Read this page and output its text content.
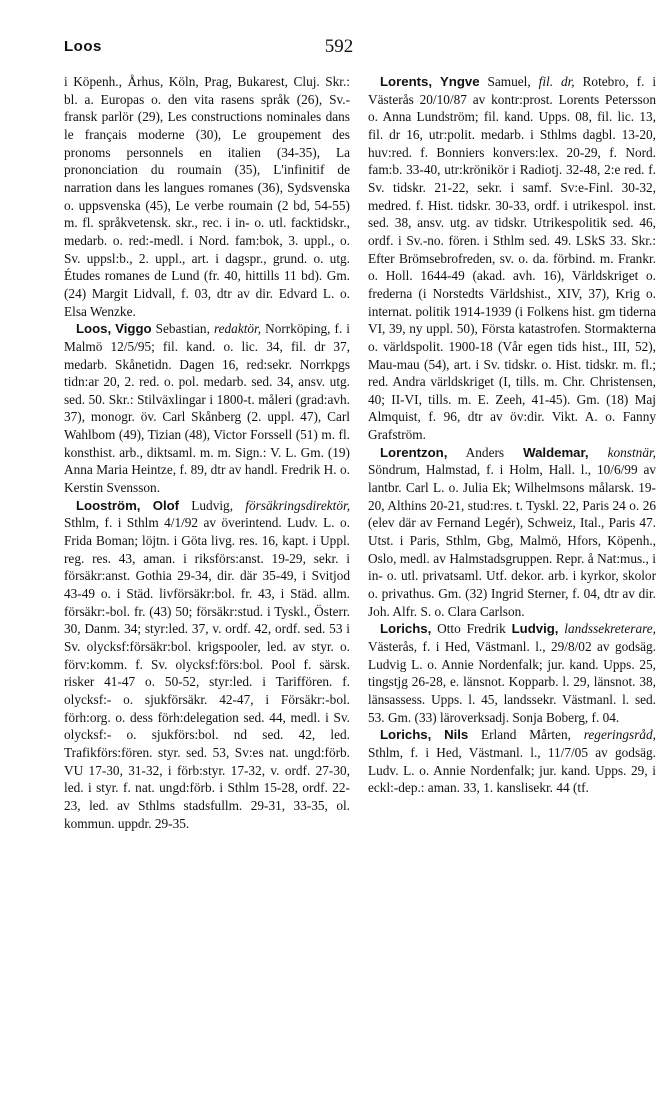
Loos	592

i Köpenh., Århus, Köln, Prag, Bukarest, Cluj. Skr.: bl. a. Europas o. den vita rasens språk (26), Sv.-fransk parlör (29), Les constructions nominales dans le français moderne (30), Le groupement des pronoms personnels en italien (34-35), La prononciation du roumain (35), L'infinitif de narration dans les langues romanes (36), Sydsvenska o. uppsvenska (45), Le verbe roumain (2 bd, 54-55) m. fl. språkvetensk. skr., rec. i in- o. utl. facktidskr., medarb. o. red:-medl. i Nord. fam:bok, 3. uppl., o. Sv. uppsl:b., 2. uppl., art. i dagspr., grund. o. utg. Études romanes de Lund (fr. 40, hittills 11 bd). Gm. (24) Margit Lidvall, f. 03, dtr av dir. Edvard L. o. Elsa Wenzke.

Loos, Viggo Sebastian, redaktör, Norrköping, f. i Malmö 12/5/95; fil. kand. o. lic. 34, fil. dr 37, medarb. Skånetidn. Dagen 16, red:sekr. Norrkpgs tidn:ar 20, 2. red. o. pol. medarb. sed. 34, ansv. utg. sed. 50. Skr.: Stilväxlingar i 1800-t. måleri (grad:avh. 37), monogr. öv. Carl Skånberg (2. uppl. 47), Carl Wahlbom (49), Tizian (48), Victor Forssell (51) m. fl. konsthist. arb., diktsaml. m. m. Sign.: V. L. Gm. (19) Anna Maria Heintze, f. 89, dtr av handl. Fredrik H. o. Kerstin Svensson.

Looström, Olof Ludvig, försäkringsdirektör, Sthlm, f. i Sthlm 4/1/92 av överintend. Ludv. L. o. Frida Boman; löjtn. i Göta livg. res. 16, kapt. i Uppl. reg. res. 43, aman. i riksförs:anst. 19-29, sekr. i försäkr:anst. Gothia 29-34, dir. där 35-49, i Svitjod 43-49 o. i Städ. livförsäkr:bol. fr. 43, i Städ. allm. försäkr:-bol. fr. (43) 50; försäkr:stud. i Tyskl., Österr. 30, Danm. 34; styr:led. 37, v. ordf. 42, ordf. sed. 53 i Sv. olycksf:försäkr:bol. krigspooler, led. av styr. o. förv:komm. f. Sv. olycksf:förs:bol. Pool f. särsk. risker 41-47 o. 50-52, styr:led. i Tariffören. f. olycksf:- o. sjukförsäkr. 42-47, i Försäkr:-bol. förh:org. o. dess förh:delegation sed. 44, medl. i Sv. olycksf:- o. sjukförs:bol. nd sed. 42, led. Trafikförs:fören. styr. sed. 53, Sv:es nat. ungd:förb. VU 17-30, 31-32, i förb:styr. 17-32, v. ordf. 27-30, led. i styr. f. nat. ungd:förb. i Sthlm 15-28, ordf. 22-23, led. av Sthlms stadsfullm. 29-31, 33-35, ol. kommun. uppdr. 29-35.

Lorents, Yngve Samuel, fil. dr, Rotebro, f. i Västerås 20/10/87 av kontr:prost. Lorents Petersson o. Anna Lundström; fil. kand. Upps. 08, fil. lic. 13, fil. dr 16, utr:polit. medarb. i Sthlms dagbl. 13-20, huv:red. f. Bonniers konvers:lex. 20-29, f. Nord. fam:b. 33-40, utr:krönikör i Radiotj. 32-48, 2:e red. f. Sv. tidskr. 21-22, sekr. i samf. Sv:e-Finl. 30-32, medred. f. Hist. tidskr. 30-33, ordf. i utrikespol. inst. sed. 38, ansv. utg. av tidskr. Utrikespolitik sed. 46, ordf. i Sv.-no. fören. i Sthlm sed. 49. LSkS 33. Skr.: Efter Brömsebrofreden, sv. o. da. förbind. m. Frankr. o. Holl. 1644-49 (akad. avh. 16), Världskriget o. frederna (i Norstedts Världshist., XIV, 37), Krig o. internat. politik 1914-1939 (i Folkens hist. gm tiderna VI, 39, ny uppl. 50), Första katastrofen. Stormakterna o. världspolit. 1900-18 (Vår egen tids hist., III, 52), Mau-mau (54), art. i Sv. tidskr. o. Hist. tidskr. m. fl.; red. Andra världskriget (I, tills. m. Chr. Christensen, 40; II-VI, tills. m. E. Zeeh, 41-45). Gm. (18) Maj Almquist, f. 96, dtr av öv:dir. Vikt. A. o. Fanny Grafström.

Lorentzon, Anders Waldemar, konstnär, Söndrum, Halmstad, f. i Holm, Hall. l., 10/6/99 av lantbr. Carl L. o. Julia Ek; Wilhelmsons målarsk. 19-20, Althins 20-21, stud:res. t. Tyskl. 22, Paris 24 o. 26 (elev där av Fernand Legér), Schweiz, Ital., Paris 47. Utst. i Paris, Sthlm, Gbg, Malmö, Hfors, Köpenh., Oslo, medl. av Halmstadsgruppen. Repr. å Nat:mus., i in- o. utl. privatsaml. Utf. dekor. arb. i kyrkor, skolor o. privathus. Gm. (32) Ingrid Sterner, f. 04, dtr av dir. Joh. Alfr. S. o. Clara Carlson.

Lorichs, Otto Fredrik Ludvig, landssekreterare, Västerås, f. i Hed, Västmanl. l., 29/8/02 av godsäg. Ludvig L. o. Annie Nordenfalk; jur. kand. Upps. 25, tingstjg 26-28, e. länsnot. Kopparb. l. 29, länsnot. 38, länsassess. Upps. l. 45, landssekr. Västmanl. l. sed. 53. Gm. (33) läroverksadj. Sonja Boberg, f. 04.

Lorichs, Nils Erland Mårten, regeringsråd, Sthlm, f. i Hed, Västmanl. l., 11/7/05 av godsäg. Ludv. L. o. Annie Nordenfalk; jur. kand. Upps. 29, i eckl:-dep.: aman. 33, 1. kanslisekr. 44 (tf.
